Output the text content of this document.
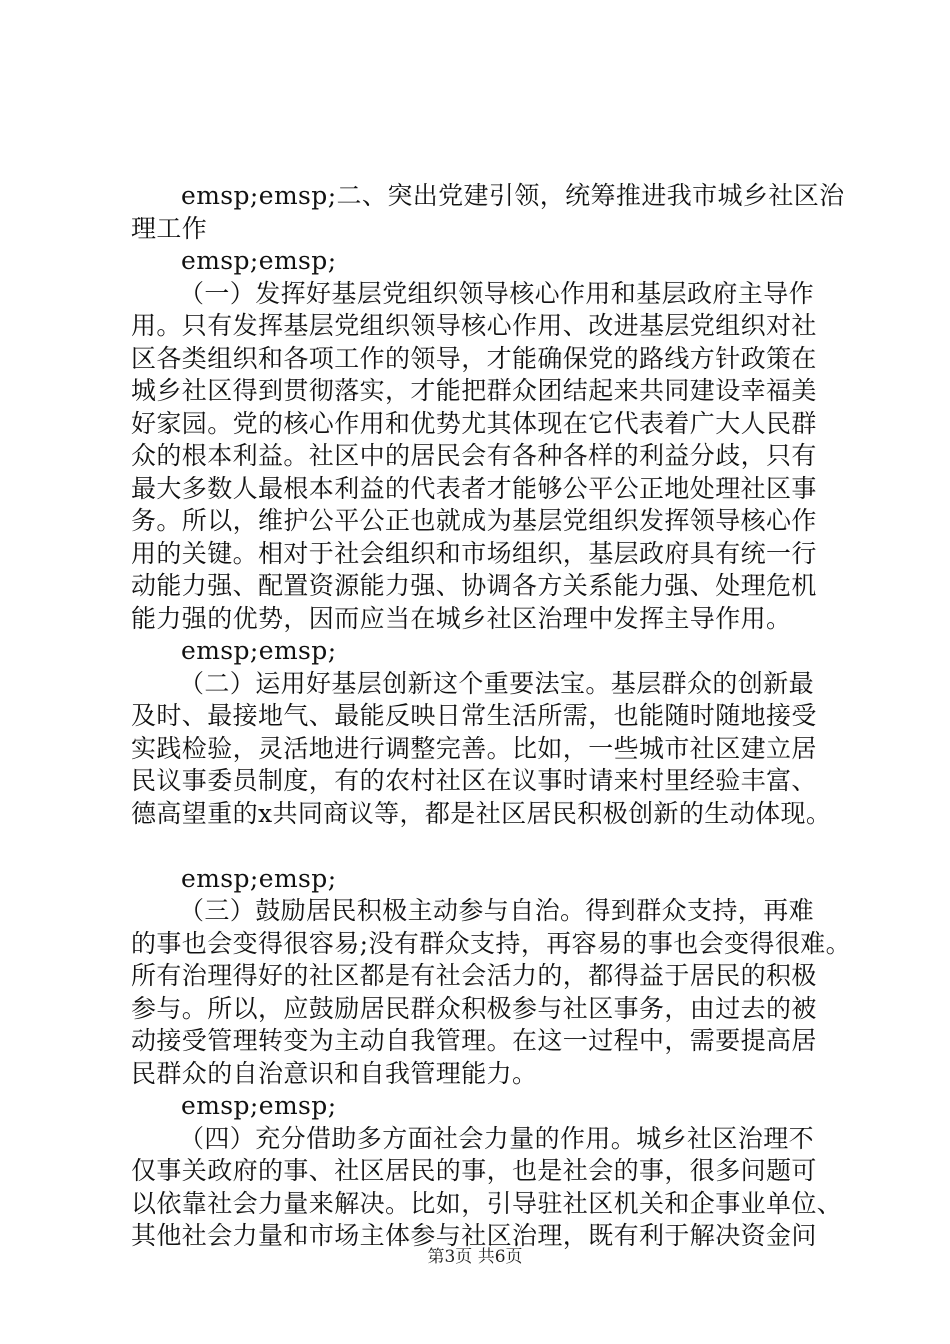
emsp;emsp;二、突出党建引领，统筹推进我市城乡社区治
理工作
emsp;emsp;
（一）发挥好基层党组织领导核心作用和基层政府主导作
用。只有发挥基层党组织领导核心作用、改进基层党组织对社
区各类组织和各项工作的领导，才能确保党的路线方针政策在
城乡社区得到贯彻落实，才能把群众团结起来共同建设幸福美
好家园。党的核心作用和优势尤其体现在它代表着广大人民群
众的根本利益。社区中的居民会有各种各样的利益分歧，只有
最大多数人最根本利益的代表者才能够公平公正地处理社区事
务。所以，维护公平公正也就成为基层党组织发挥领导核心作
用的关键。相对于社会组织和市场组织，基层政府具有统一行
动能力强、配置资源能力强、协调各方关系能力强、处理危机
能力强的优势，因而应当在城乡社区治理中发挥主导作用。
emsp;emsp;
（二）运用好基层创新这个重要法宝。基层群众的创新最
及时、最接地气、最能反映日常生活所需，也能随时随地接受
实践检验，灵活地进行调整完善。比如，一些城市社区建立居
民议事委员制度，有的农村社区在议事时请来村里经验丰富、
德高望重的x共同商议等，都是社区居民积极创新的生动体现。
emsp;emsp;
（三）鼓励居民积极主动参与自治。得到群众支持，再难
的事也会变得很容易;没有群众支持，再容易的事也会变得很难。
所有治理得好的社区都是有社会活力的，都得益于居民的积极
参与。所以，应鼓励居民群众积极参与社区事务，由过去的被
动接受管理转变为主动自我管理。在这一过程中，需要提高居
民群众的自治意识和自我管理能力。
emsp;emsp;
（四）充分借助多方面社会力量的作用。城乡社区治理不
仅事关政府的事、社区居民的事，也是社会的事，很多问题可
以依靠社会力量来解决。比如，引导驻社区机关和企事业单位、
其他社会力量和市场主体参与社区治理，既有利于解决资金问
第3页 共6页
